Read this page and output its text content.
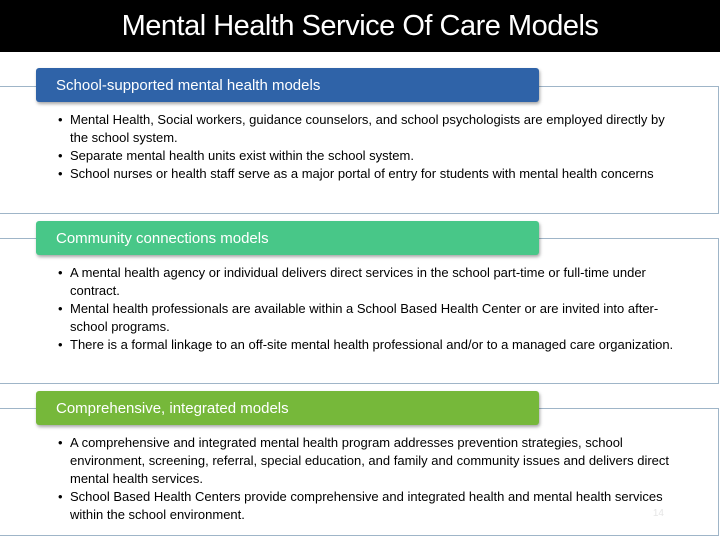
Mental Health Service Of Care Models
School-supported mental health models
• Mental Health, Social workers, guidance counselors, and school psychologists are employed directly by the school system.
• Separate mental health units exist within the school system.
• School nurses or health staff serve as a major portal of entry for students with mental health concerns
Community connections models
• A mental health agency or individual delivers direct services in the school part-time or full-time under contract.
• Mental health professionals are available within a School Based Health Center or are invited into after-school programs.
• There is a formal linkage to an off-site mental health professional and/or to a managed care organization.
Comprehensive, integrated models
• A comprehensive and integrated mental health program addresses prevention strategies, school environment, screening, referral, special education, and family and community issues and delivers direct mental health services.
• School Based Health Centers provide comprehensive and integrated health and mental health services within the school environment.	14
